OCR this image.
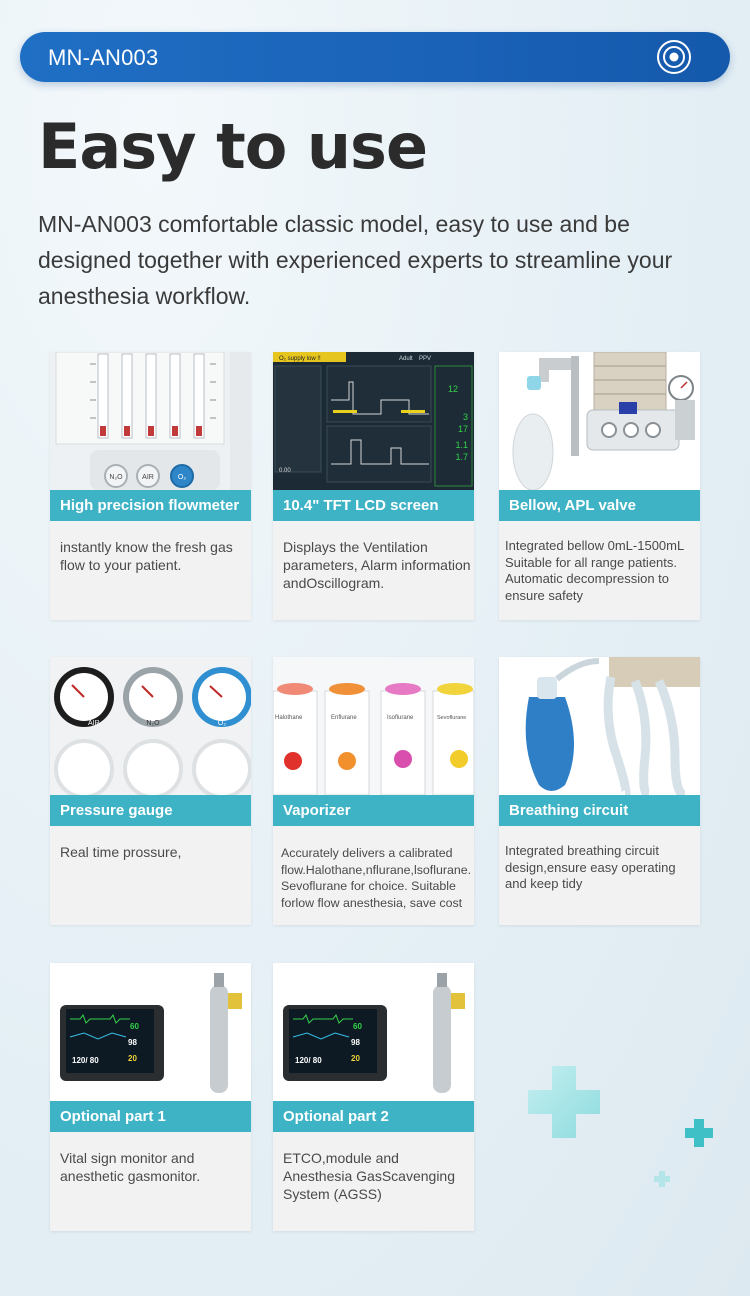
MN-AN003
Easy to use
MN-AN003 comfortable classic model, easy to use and be designed together with experienced experts to streamline your anesthesia workflow.
N₂O	AIR	O₂
High precision flowmeter
instantly know the fresh gas flow to your patient.
O₂ supply low !!	Adult PPV
12
3
17
1.1
1.7
0.00
10.4" TFT LCD screen
Displays the Ventilation parameters, Alarm information andOscillogram.
Bellow, APL valve
Integrated bellow 0mL-1500mL Suitable for all range patients. Automatic decompression to ensure safety
AIR	N₂O	O₂
Pressure gauge
Real time prossure,
Halothane	Enflurane	Isoflurane	Sevoflurane
Vaporizer
Accurately delivers a calibrated flow.Halothane,nflurane,lsoflurane. Sevoflurane for choice. Suitable forlow flow anesthesia, save cost
Breathing circuit
Integrated breathing circuit design,ensure easy operating and keep tidy
60
98
20
120/ 80
Optional part 1
Vital sign monitor and anesthetic gasmonitor.
60
98
20
120/ 80
Optional part 2
ETCO,module and Anesthesia GasScavenging System (AGSS)
